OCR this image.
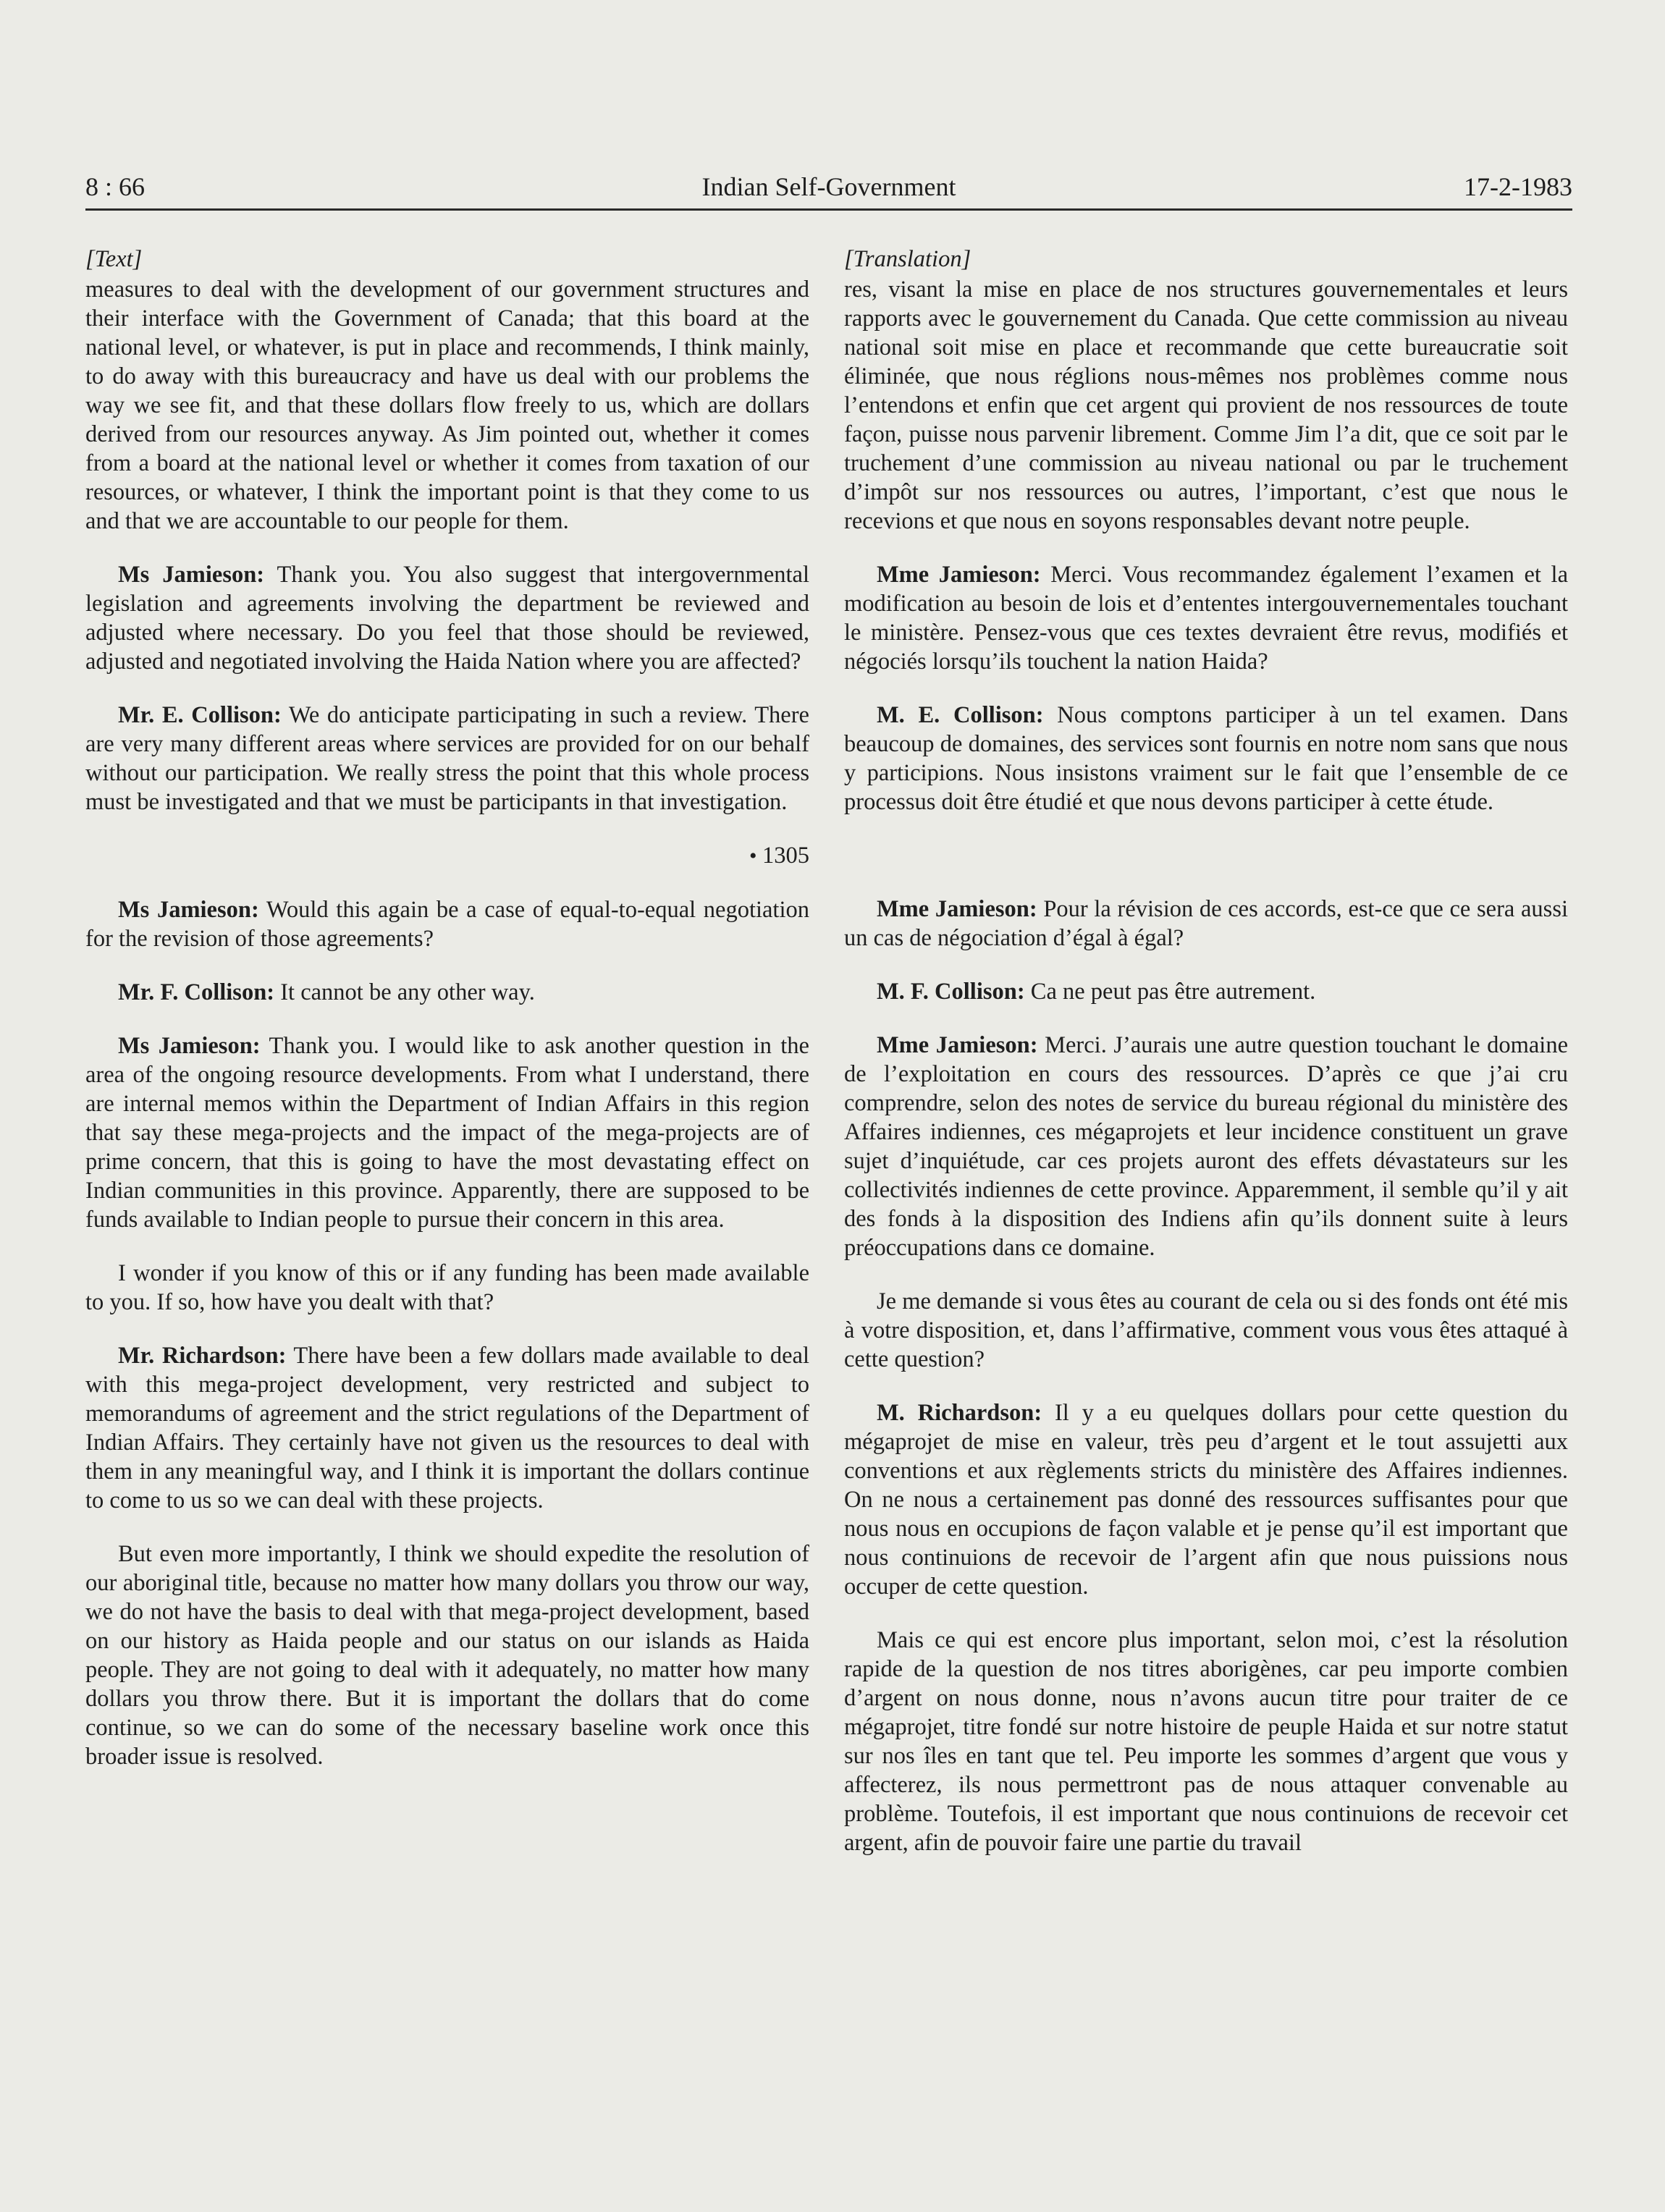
8 : 66	Indian Self-Government	17-2-1983
[Text]

measures to deal with the development of our government structures and their interface with the Government of Canada; that this board at the national level, or whatever, is put in place and recommends, I think mainly, to do away with this bureaucracy and have us deal with our problems the way we see fit, and that these dollars flow freely to us, which are dollars derived from our resources anyway. As Jim pointed out, whether it comes from a board at the national level or whether it comes from taxation of our resources, or whatever, I think the important point is that they come to us and that we are accountable to our people for them.

Ms Jamieson: Thank you. You also suggest that intergovernmental legislation and agreements involving the department be reviewed and adjusted where necessary. Do you feel that those should be reviewed, adjusted and negotiated involving the Haida Nation where you are affected?

Mr. E. Collison: We do anticipate participating in such a review. There are very many different areas where services are provided for on our behalf without our participation. We really stress the point that this whole process must be investigated and that we must be participants in that investigation.

• 1305

Ms Jamieson: Would this again be a case of equal-to-equal negotiation for the revision of those agreements?

Mr. F. Collison: It cannot be any other way.

Ms Jamieson: Thank you. I would like to ask another question in the area of the ongoing resource developments. From what I understand, there are internal memos within the Department of Indian Affairs in this region that say these mega-projects and the impact of the mega-projects are of prime concern, that this is going to have the most devastating effect on Indian communities in this province. Apparently, there are supposed to be funds available to Indian people to pursue their concern in this area.

I wonder if you know of this or if any funding has been made available to you. If so, how have you dealt with that?

Mr. Richardson: There have been a few dollars made available to deal with this mega-project development, very restricted and subject to memorandums of agreement and the strict regulations of the Department of Indian Affairs. They certainly have not given us the resources to deal with them in any meaningful way, and I think it is important the dollars continue to come to us so we can deal with these projects.

But even more importantly, I think we should expedite the resolution of our aboriginal title, because no matter how many dollars you throw our way, we do not have the basis to deal with that mega-project development, based on our history as Haida people and our status on our islands as Haida people. They are not going to deal with it adequately, no matter how many dollars you throw there. But it is important the dollars that do come continue, so we can do some of the necessary baseline work once this broader issue is resolved.

[Translation]

res, visant la mise en place de nos structures gouvernementales et leurs rapports avec le gouvernement du Canada. Que cette commission au niveau national soit mise en place et recommande que cette bureaucratie soit éliminée, que nous réglions nous-mêmes nos problèmes comme nous l’entendons et enfin que cet argent qui provient de nos ressources de toute façon, puisse nous parvenir librement. Comme Jim l’a dit, que ce soit par le truchement d’une commission au niveau national ou par le truchement d’impôt sur nos ressources ou autres, l’important, c’est que nous le recevions et que nous en soyons responsables devant notre peuple.

Mme Jamieson: Merci. Vous recommandez également l’examen et la modification au besoin de lois et d’ententes intergouvernementales touchant le ministère. Pensez-vous que ces textes devraient être revus, modifiés et négociés lorsqu’ils touchent la nation Haida?

M. E. Collison: Nous comptons participer à un tel examen. Dans beaucoup de domaines, des services sont fournis en notre nom sans que nous y participions. Nous insistons vraiment sur le fait que l’ensemble de ce processus doit être étudié et que nous devons participer à cette étude.

Mme Jamieson: Pour la révision de ces accords, est-ce que ce sera aussi un cas de négociation d’égal à égal?

M. F. Collison: Ca ne peut pas être autrement.

Mme Jamieson: Merci. J’aurais une autre question touchant le domaine de l’exploitation en cours des ressources. D’après ce que j’ai cru comprendre, selon des notes de service du bureau régional du ministère des Affaires indiennes, ces mégaprojets et leur incidence constituent un grave sujet d’inquiétude, car ces projets auront des effets dévastateurs sur les collectivités indiennes de cette province. Apparemment, il semble qu’il y ait des fonds à la disposition des Indiens afin qu’ils donnent suite à leurs préoccupations dans ce domaine.

Je me demande si vous êtes au courant de cela ou si des fonds ont été mis à votre disposition, et, dans l’affirmative, comment vous vous êtes attaqué à cette question?

M. Richardson: Il y a eu quelques dollars pour cette question du mégaprojet de mise en valeur, très peu d’argent et le tout assujetti aux conventions et aux règlements stricts du ministère des Affaires indiennes. On ne nous a certainement pas donné des ressources suffisantes pour que nous nous en occupions de façon valable et je pense qu’il est important que nous continuions de recevoir de l’argent afin que nous puissions nous occuper de cette question.

Mais ce qui est encore plus important, selon moi, c’est la résolution rapide de la question de nos titres aborigènes, car peu importe combien d’argent on nous donne, nous n’avons aucun titre pour traiter de ce mégaprojet, titre fondé sur notre histoire de peuple Haida et sur notre statut sur nos îles en tant que tel. Peu importe les sommes d’argent que vous y affecterez, ils nous permettront pas de nous attaquer convenable au problème. Toutefois, il est important que nous continuions de recevoir cet argent, afin de pouvoir faire une partie du travail
